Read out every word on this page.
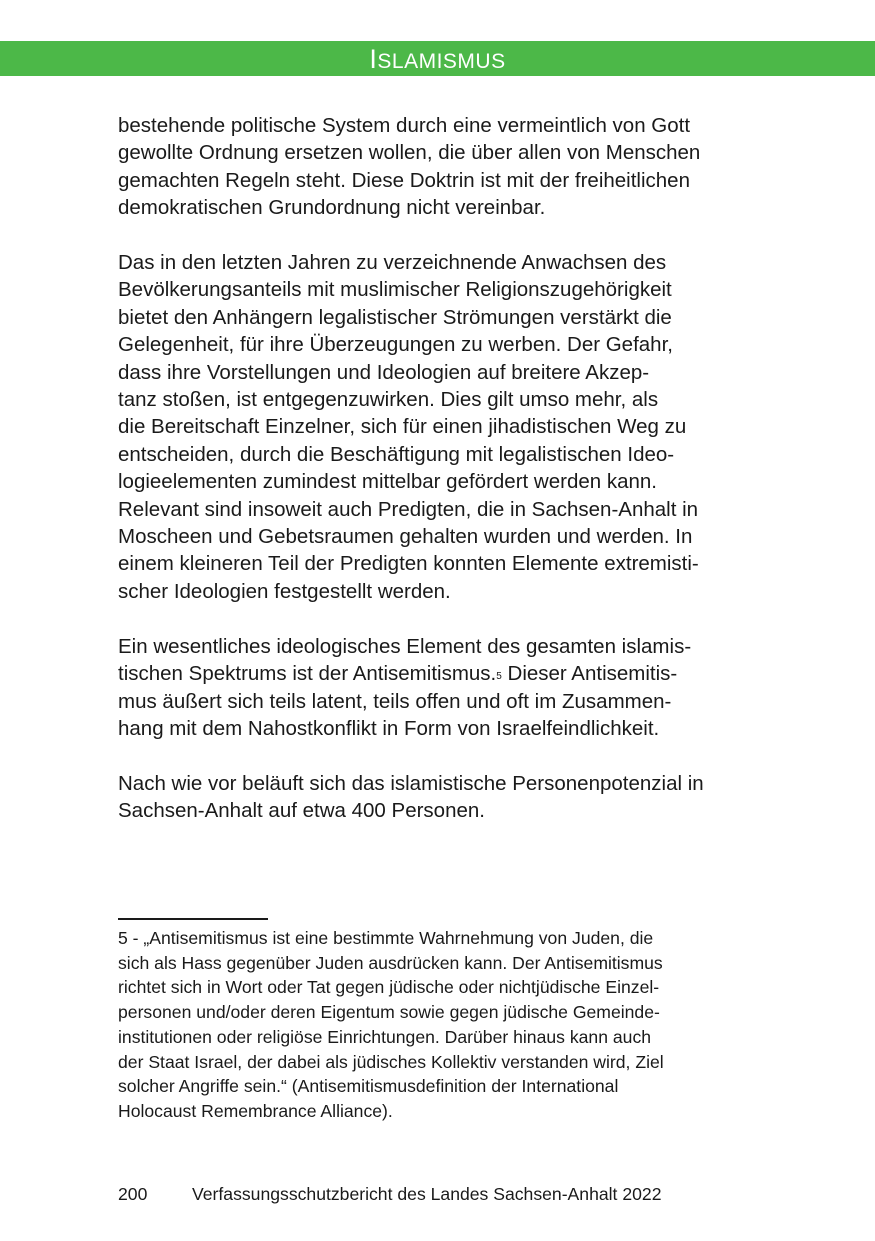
ISLAMISMUS

bestehende politische System durch eine vermeintlich von Gott
gewollte Ordnung ersetzen wollen, die über allen von Menschen
gemachten Regeln steht. Diese Doktrin ist mit der freiheitlichen
demokratischen Grundordnung nicht vereinbar.

Das in den letzten Jahren zu verzeichnende Anwachsen des
Bevölkerungsanteils mit muslimischer Religionszugehörigkeit
bietet den Anhängern legalistischer Strömungen verstärkt die
Gelegenheit, für ihre Überzeugungen zu werben. Der Gefahr,
dass ihre Vorstellungen und Ideologien auf breitere Akzep-
tanz stoßen, ist entgegenzuwirken. Dies gilt umso mehr, als
die Bereitschaft Einzelner, sich für einen jihadistischen Weg zu
entscheiden, durch die Beschäftigung mit legalistischen Ideo-
logieelementen zumindest mittelbar gefördert werden kann.
Relevant sind insoweit auch Predigten, die in Sachsen-Anhalt in
Moscheen und Gebetsraumen gehalten wurden und werden. In
einem kleineren Teil der Predigten konnten Elemente extremisti-
scher Ideologien festgestellt werden.

Ein wesentliches ideologisches Element des gesamten islamis-
tischen Spektrums ist der Antisemitismus.$^5$ Dieser Antisemitis-
mus äußert sich teils latent, teils offen und oft im Zusammen-
hang mit dem Nahostkonflikt in Form von Israelfeindlichkeit.

Nach wie vor beläuft sich das islamistische Personenpotenzial in
Sachsen-Anhalt auf etwa 400 Personen.

5 - „Antisemitismus ist eine bestimmte Wahrnehmung von Juden, die
sich als Hass gegenüber Juden ausdrücken kann. Der Antisemitismus
richtet sich in Wort oder Tat gegen jüdische oder nichtjüdische Einzel-
personen und/oder deren Eigentum sowie gegen jüdische Gemeinde-
institutionen oder religiöse Einrichtungen. Darüber hinaus kann auch
der Staat Israel, der dabei als jüdisches Kollektiv verstanden wird, Ziel
solcher Angriffe sein.“ (Antisemitismusdefinition der International
Holocaust Remembrance Alliance).
200	Verfassungsschutzbericht des Landes Sachsen-Anhalt 2022
